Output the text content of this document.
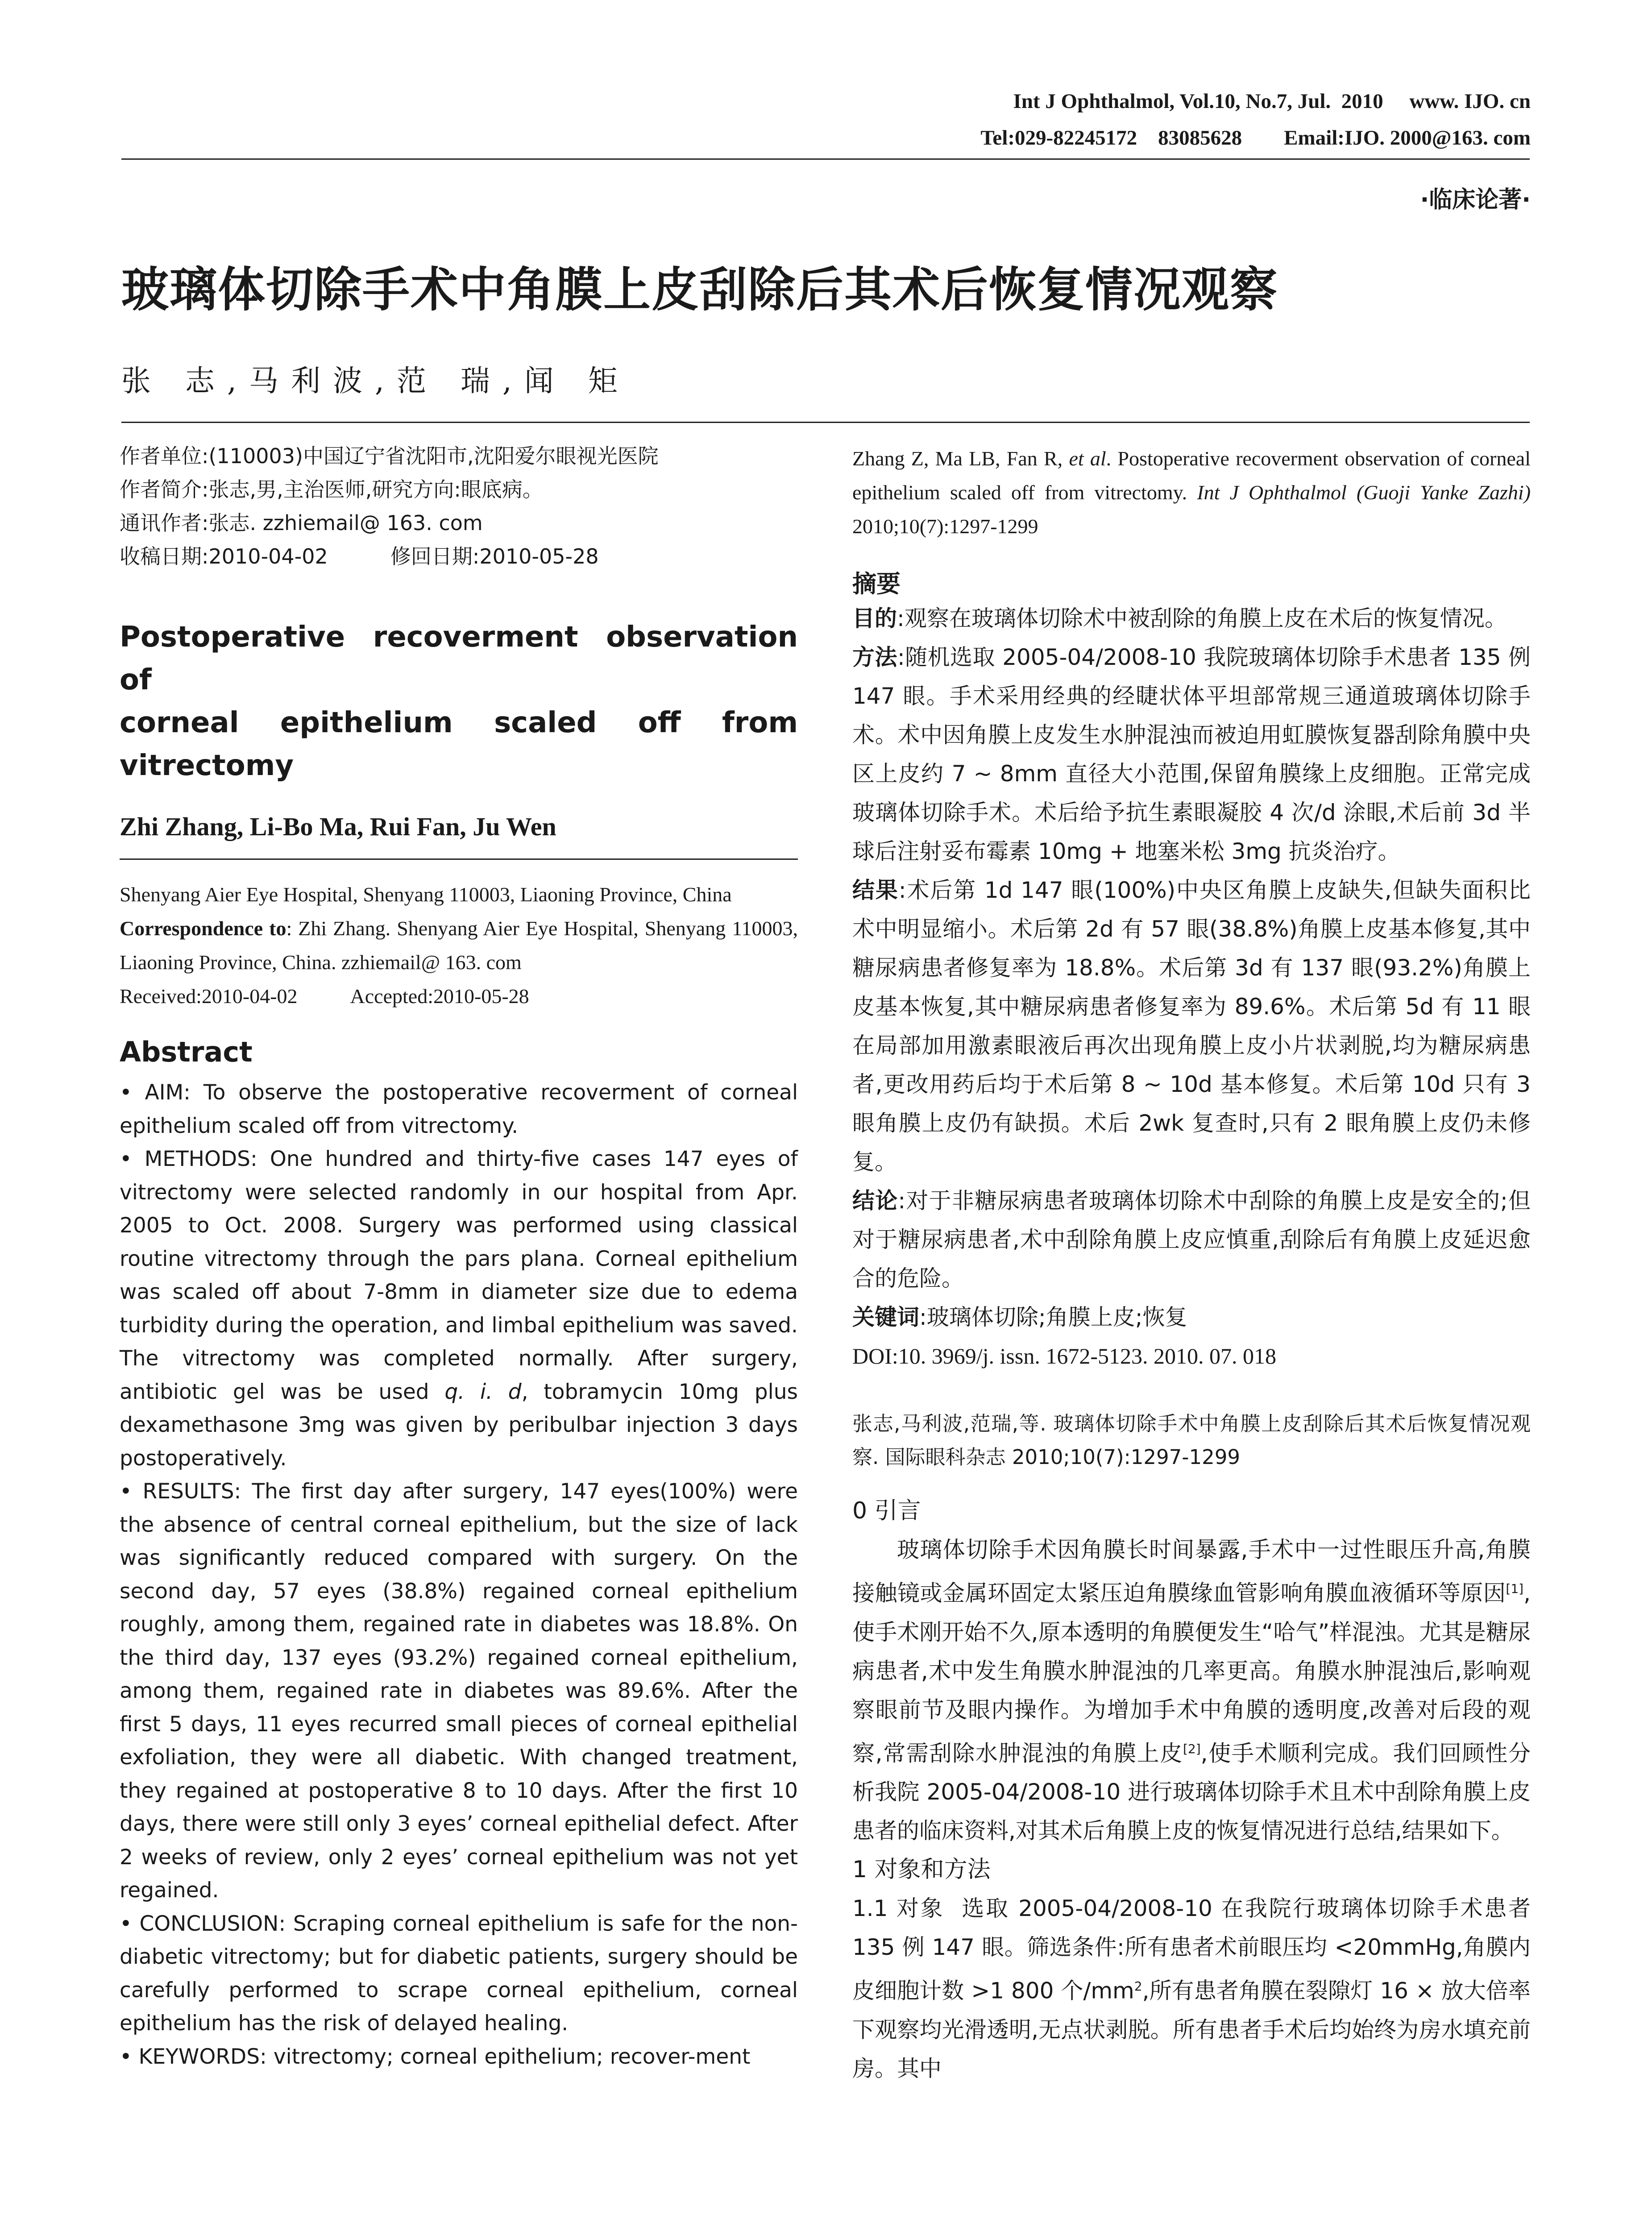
Int J Ophthalmol, Vol.10, No.7, Jul.  2010     www. IJO. cn
Tel:029-82245172    83085628        Email:IJO. 2000@163. com
·临床论著·
玻璃体切除手术中角膜上皮刮除后其术后恢复情况观察
张 志,马利波,范 瑞,闻 矩
作者单位:(110003)中国辽宁省沈阳市,沈阳爱尔眼视光医院
作者简介:张志,男,主治医师,研究方向:眼底病。
通讯作者:张志. zzhiemail@ 163. com
收稿日期:2010-04-02	修回日期:2010-05-28
Postoperative recoverment observation of
corneal epithelium scaled off from vitrectomy
Zhi Zhang, Li-Bo Ma, Rui Fan, Ju Wen
Shenyang Aier Eye Hospital, Shenyang 110003, Liaoning Province, China
Correspondence to: Zhi Zhang. Shenyang Aier Eye Hospital, Shenyang 110003, Liaoning Province, China. zzhiemail@ 163. com
Received:2010-04-02	Accepted:2010-05-28
Abstract

• AIM: To observe the postoperative recoverment of corneal epithelium scaled off from vitrectomy.

• METHODS: One hundred and thirty-five cases 147 eyes of vitrectomy were selected randomly in our hospital from Apr. 2005 to Oct. 2008. Surgery was performed using classical routine vitrectomy through the pars plana. Corneal epithelium was scaled off about 7-8mm in diameter size due to edema turbidity during the operation, and limbal epithelium was saved. The vitrectomy was completed normally. After surgery, antibiotic gel was be used q. i. d, tobramycin 10mg plus dexamethasone 3mg was given by peribulbar injection 3 days postoperatively.

• RESULTS: The first day after surgery, 147 eyes(100%) were the absence of central corneal epithelium, but the size of lack was significantly reduced compared with surgery. On the second day, 57 eyes (38.8%) regained corneal epithelium roughly, among them, regained rate in diabetes was 18.8%. On the third day, 137 eyes (93.2%) regained corneal epithelium, among them, regained rate in diabetes was 89.6%. After the first 5 days, 11 eyes recurred small pieces of corneal epithelial exfoliation, they were all diabetic. With changed treatment, they regained at postoperative 8 to 10 days. After the first 10 days, there were still only 3 eyes’ corneal epithelial defect. After 2 weeks of review, only 2 eyes’ corneal epithelium was not yet regained.

• CONCLUSION: Scraping corneal epithelium is safe for the non-diabetic vitrectomy; but for diabetic patients, surgery should be carefully performed to scrape corneal epithelium, corneal epithelium has the risk of delayed healing.

• KEYWORDS: vitrectomy; corneal epithelium; recover-ment

Zhang Z, Ma LB, Fan R, et al. Postoperative recoverment observation of corneal epithelium scaled off from vitrectomy. Int J Ophthalmol (Guoji Yanke Zazhi) 2010;10(7):1297-1299
摘要

目的:观察在玻璃体切除术中被刮除的角膜上皮在术后的恢复情况。

方法:随机选取 2005-04/2008-10 我院玻璃体切除手术患者 135 例 147 眼。手术采用经典的经睫状体平坦部常规三通道玻璃体切除手术。术中因角膜上皮发生水肿混浊而被迫用虹膜恢复器刮除角膜中央区上皮约 7 ~ 8mm 直径大小范围,保留角膜缘上皮细胞。正常完成玻璃体切除手术。术后给予抗生素眼凝胶 4 次/d 涂眼,术后前 3d 半球后注射妥布霉素 10mg + 地塞米松 3mg 抗炎治疗。

结果:术后第 1d 147 眼(100%)中央区角膜上皮缺失,但缺失面积比术中明显缩小。术后第 2d 有 57 眼(38.8%)角膜上皮基本修复,其中糖尿病患者修复率为 18.8%。术后第 3d 有 137 眼(93.2%)角膜上皮基本恢复,其中糖尿病患者修复率为 89.6%。术后第 5d 有 11 眼在局部加用激素眼液后再次出现角膜上皮小片状剥脱,均为糖尿病患者,更改用药后均于术后第 8 ~ 10d 基本修复。术后第 10d 只有 3 眼角膜上皮仍有缺损。术后 2wk 复查时,只有 2 眼角膜上皮仍未修复。

结论:对于非糖尿病患者玻璃体切除术中刮除的角膜上皮是安全的;但对于糖尿病患者,术中刮除角膜上皮应慎重,刮除后有角膜上皮延迟愈合的危险。

关键词:玻璃体切除;角膜上皮;恢复

DOI:10. 3969/j. issn. 1672-5123. 2010. 07. 018

张志,马利波,范瑞,等. 玻璃体切除手术中角膜上皮刮除后其术后恢复情况观察. 国际眼科杂志 2010;10(7):1297-1299
0 引言

玻璃体切除手术因角膜长时间暴露,手术中一过性眼压升高,角膜接触镜或金属环固定太紧压迫角膜缘血管影响角膜血液循环等原因[1],使手术刚开始不久,原本透明的角膜便发生“哈气”样混浊。尤其是糖尿病患者,术中发生角膜水肿混浊的几率更高。角膜水肿混浊后,影响观察眼前节及眼内操作。为增加手术中角膜的透明度,改善对后段的观察,常需刮除水肿混浊的角膜上皮[2],使手术顺利完成。我们回顾性分析我院 2005-04/2008-10 进行玻璃体切除手术且术中刮除角膜上皮患者的临床资料,对其术后角膜上皮的恢复情况进行总结,结果如下。

1 对象和方法

1.1 对象 选取 2005-04/2008-10 在我院行玻璃体切除手术患者 135 例 147 眼。筛选条件:所有患者术前眼压均 <20mmHg,角膜内皮细胞计数 >1 800 个$/mm^2$,所有患者角膜在裂隙灯 16 × 放大倍率下观察均光滑透明,无点状剥脱。所有患者手术后均始终为房水填充前房。其中
